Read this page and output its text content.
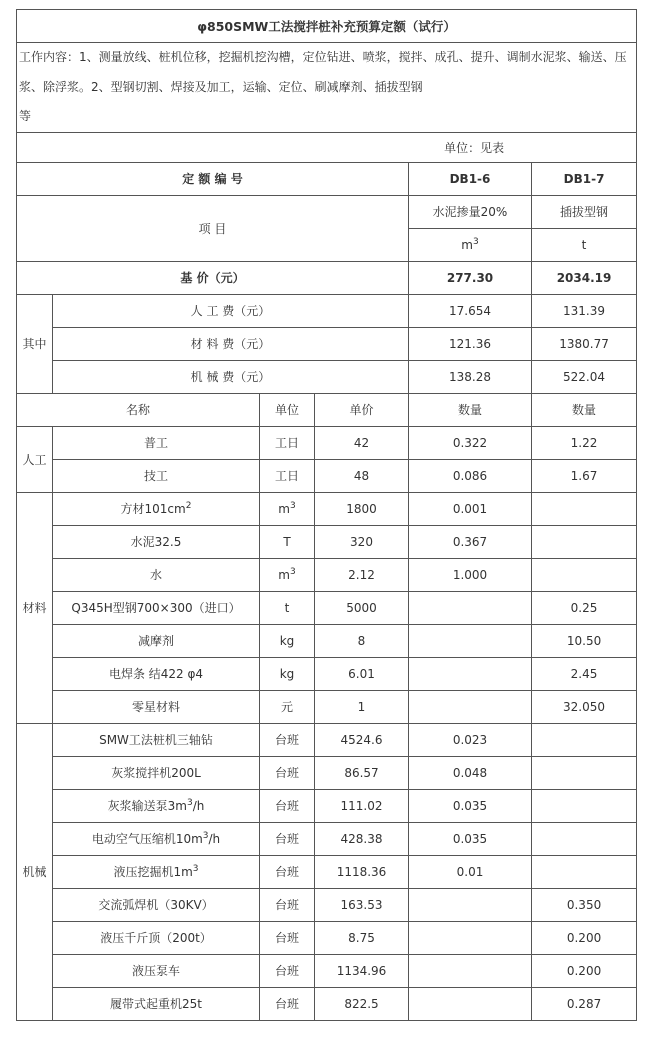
φ850SMW工法搅拌桩补充预算定额（试行）					
工作内容：1、测量放线、桩机位移，挖掘机挖沟槽，定位钻进、喷浆，搅拌、成孔、提升、调制水泥浆、输送、压浆、除浮浆。2、型钢切割、焊接及加工，运输、定位、刷减摩剂、插拔型钢
等					
单位：见表					
定 额 编 号				DB1-6	DB1-7
项 目				水泥掺量20%	插拔型钢
				$m^3$	t
基 价（元）				277.30	2034.19
其中	人 工 费（元）			17.654	131.39
	材 料 费（元）			121.36	1380.77
	机 械 费（元）			138.28	522.04
名称		单位	单价	数量	数量
人工	普工	工日	42	0.322	1.22
	技工	工日	48	0.086	1.67
材料	方材$101cm^2$	$m^3$	1800	0.001	
	水泥32.5	T	320	0.367	
	水	$m^3$	2.12	1.000	
	Q345H型钢700×300（进口）	t	5000		0.25
	减摩剂	kg	8		10.50
	电焊条 结422 φ4	kg	6.01		2.45
	零星材料	元	1		32.050
机械	SMW工法桩机三轴钻	台班	4524.6	0.023	
	灰浆搅拌机200L	台班	86.57	0.048	
	灰浆输送泵$3m^3/h$	台班	111.02	0.035	
	电动空气压缩机$10m^3/h$	台班	428.38	0.035	
	液压挖掘机$1m^3$	台班	1118.36	0.01	
	交流弧焊机（30KV）	台班	163.53		0.350
	液压千斤顶（200t）	台班	8.75		0.200
	液压泵车	台班	1134.96		0.200
	履带式起重机25t	台班	822.5		0.287
